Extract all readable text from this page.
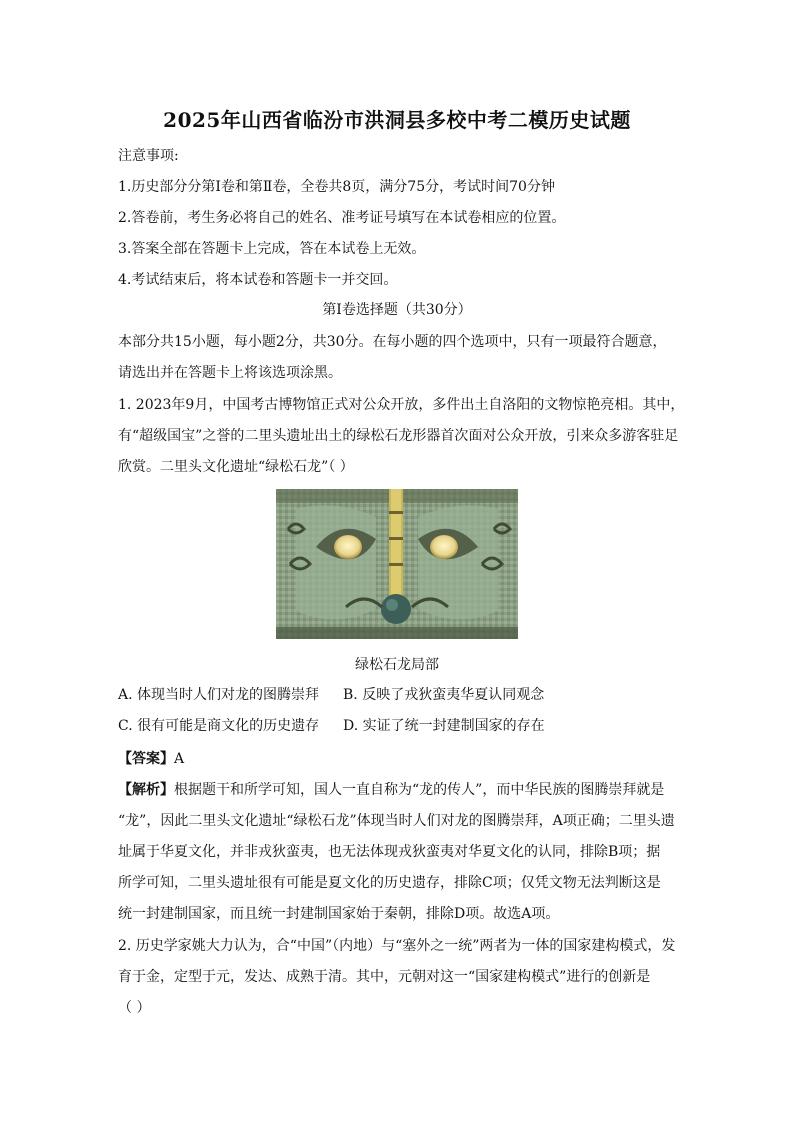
2025年山西省临汾市洪洞县多校中考二模历史试题
注意事项:
1.历史部分分第Ⅰ卷和第Ⅱ卷，全卷共8页，满分75分，考试时间70分钟
2.答卷前，考生务必将自己的姓名、准考证号填写在本试卷相应的位置。
3.答案全部在答题卡上完成，答在本试卷上无效。
4.考试结束后，将本试卷和答题卡一并交回。
第Ⅰ卷选择题（共30分）
本部分共15小题，每小题2分，共30分。在每小题的四个选项中，只有一项最符合题意，
请选出并在答题卡上将该选项涂黑。
1. 2023年9月，中国考古博物馆正式对公众开放，多件出土自洛阳的文物惊艳亮相。其中，
有“超级国宝”之誉的二里头遗址出土的绿松石龙形器首次面对公众开放，引来众多游客驻足
欣赏。二里头文化遗址“绿松石龙”（ ）
绿松石龙局部
A. 体现当时人们对龙的图腾崇拜 B. 反映了戎狄蛮夷华夏认同观念
C. 很有可能是商文化的历史遗存 D. 实证了统一封建制国家的存在
【答案】A
【解析】根据题干和所学可知，国人一直自称为“龙的传人”，而中华民族的图腾崇拜就是
“龙”，因此二里头文化遗址“绿松石龙”体现当时人们对龙的图腾崇拜，A项正确；二里头遗
址属于华夏文化，并非戎狄蛮夷，也无法体现戎狄蛮夷对华夏文化的认同，排除B项；据
所学可知，二里头遗址很有可能是夏文化的历史遗存，排除C项；仅凭文物无法判断这是
统一封建制国家，而且统一封建制国家始于秦朝，排除D项。故选A项。
2. 历史学家姚大力认为，合“中国”（内地）与“塞外之一统”两者为一体的国家建构模式，发
育于金，定型于元，发达、成熟于清。其中，元朝对这一“国家建构模式”进行的创新是
（ ）
